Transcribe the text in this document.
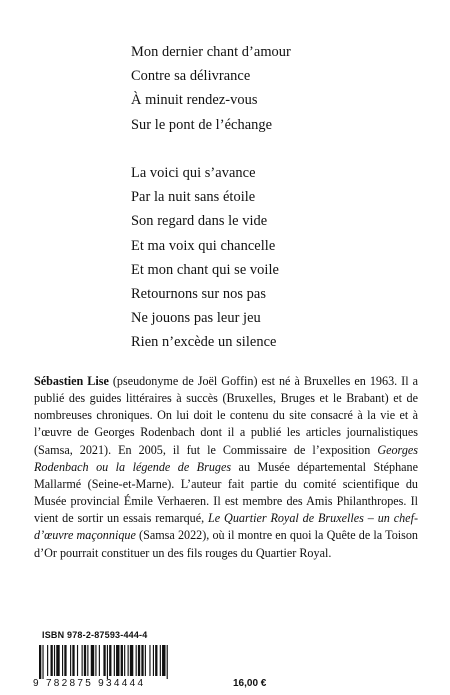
Mon dernier chant d’amour
Contre sa délivrance
À minuit rendez-vous
Sur le pont de l’échange
La voici qui s’avance
Par la nuit sans étoile
Son regard dans le vide
Et ma voix qui chancelle
Et mon chant qui se voile
Retournons sur nos pas
Ne jouons pas leur jeu
Rien n’excède un silence
Sébastien Lise (pseudonyme de Joël Goffin) est né à Bruxelles en 1963. Il a publié des guides littéraires à succès (Bruxelles, Bruges et le Brabant) et de nombreuses chroniques. On lui doit le contenu du site consacré à la vie et à l’œuvre de Georges Rodenbach dont il a publié les articles journalistiques (Samsa, 2021). En 2005, il fut le Commissaire de l’exposition Georges Rodenbach ou la légende de Bruges au Musée départemental Stéphane Mallarmé (Seine-et-Marne). L’auteur fait partie du comité scientifique du Musée provincial Émile Verhaeren. Il est membre des Amis Philanthropes. Il vient de sortir un essais remarqué, Le Quartier Royal de Bruxelles – un chef-d’œuvre maçonnique (Samsa 2022), où il montre en quoi la Quête de la Toison d’Or pourrait constituer un des fils rouges du Quartier Royal.
ISBN 978-2-87593-444-4
9 782875 934444	16,00 €
